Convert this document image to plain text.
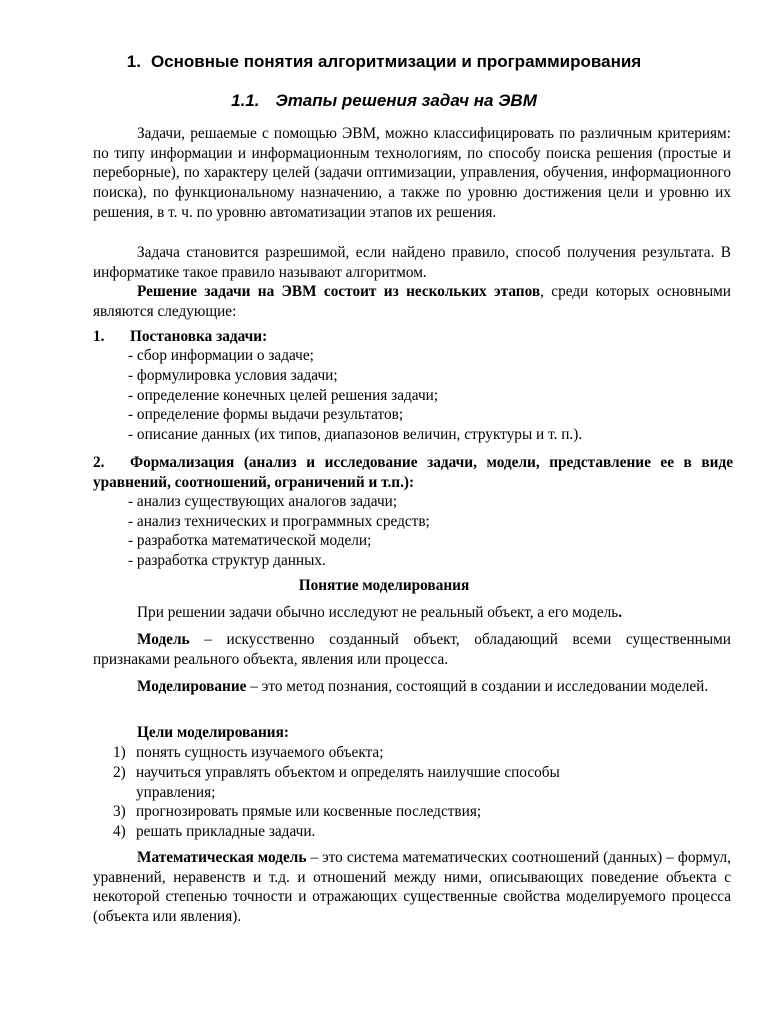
1. Основные понятия алгоритмизации и программирования
1.1. Этапы решения задач на ЭВМ

Задачи, решаемые с помощью ЭВМ, можно классифицировать по различным критериям: по типу информации и информационным технологиям, по способу поиска решения (простые и переборные), по характеру целей (задачи оптимизации, управления, обучения, информационного поиска), по функциональному назначению, а также по уровню достижения цели и уровню их решения, в т. ч. по уровню автоматизации этапов их решения.

Задача становится разрешимой, если найдено правило, способ получения результата. В информатике такое правило называют алгоритмом.

Решение задачи на ЭВМ состоит из нескольких этапов, среди которых основными являются следующие:

1. Постановка задачи:
- сбор информации о задаче;
- формулировка условия задачи;
- определение конечных целей решения задачи;
- определение формы выдачи результатов;
- описание данных (их типов, диапазонов величин, структуры и т. п.).

2. Формализация (анализ и исследование задачи, модели, представление ее в виде уравнений, соотношений, ограничений и т.п.):

- анализ существующих аналогов задачи;
- анализ технических и программных средств;
- разработка математической модели;
- разработка структур данных.
Понятие моделирования

При решении задачи обычно исследуют не реальный объект, а его модель.

Модель – искусственно созданный объект, обладающий всеми существенными признаками реального объекта, явления или процесса.

Моделирование – это метод познания, состоящий в создании и исследовании моделей.

Цели моделирования:
1) понять сущность изучаемого объекта;
2) научиться управлять объектом и определять наилучшие способы управления;
3) прогнозировать прямые или косвенные последствия;
4) решать прикладные задачи.

Математическая модель – это система математических соотношений (данных) – формул, уравнений, неравенств и т.д. и отношений между ними, описывающих поведение объекта с некоторой степенью точности и отражающих существенные свойства моделируемого процесса (объекта или явления).
